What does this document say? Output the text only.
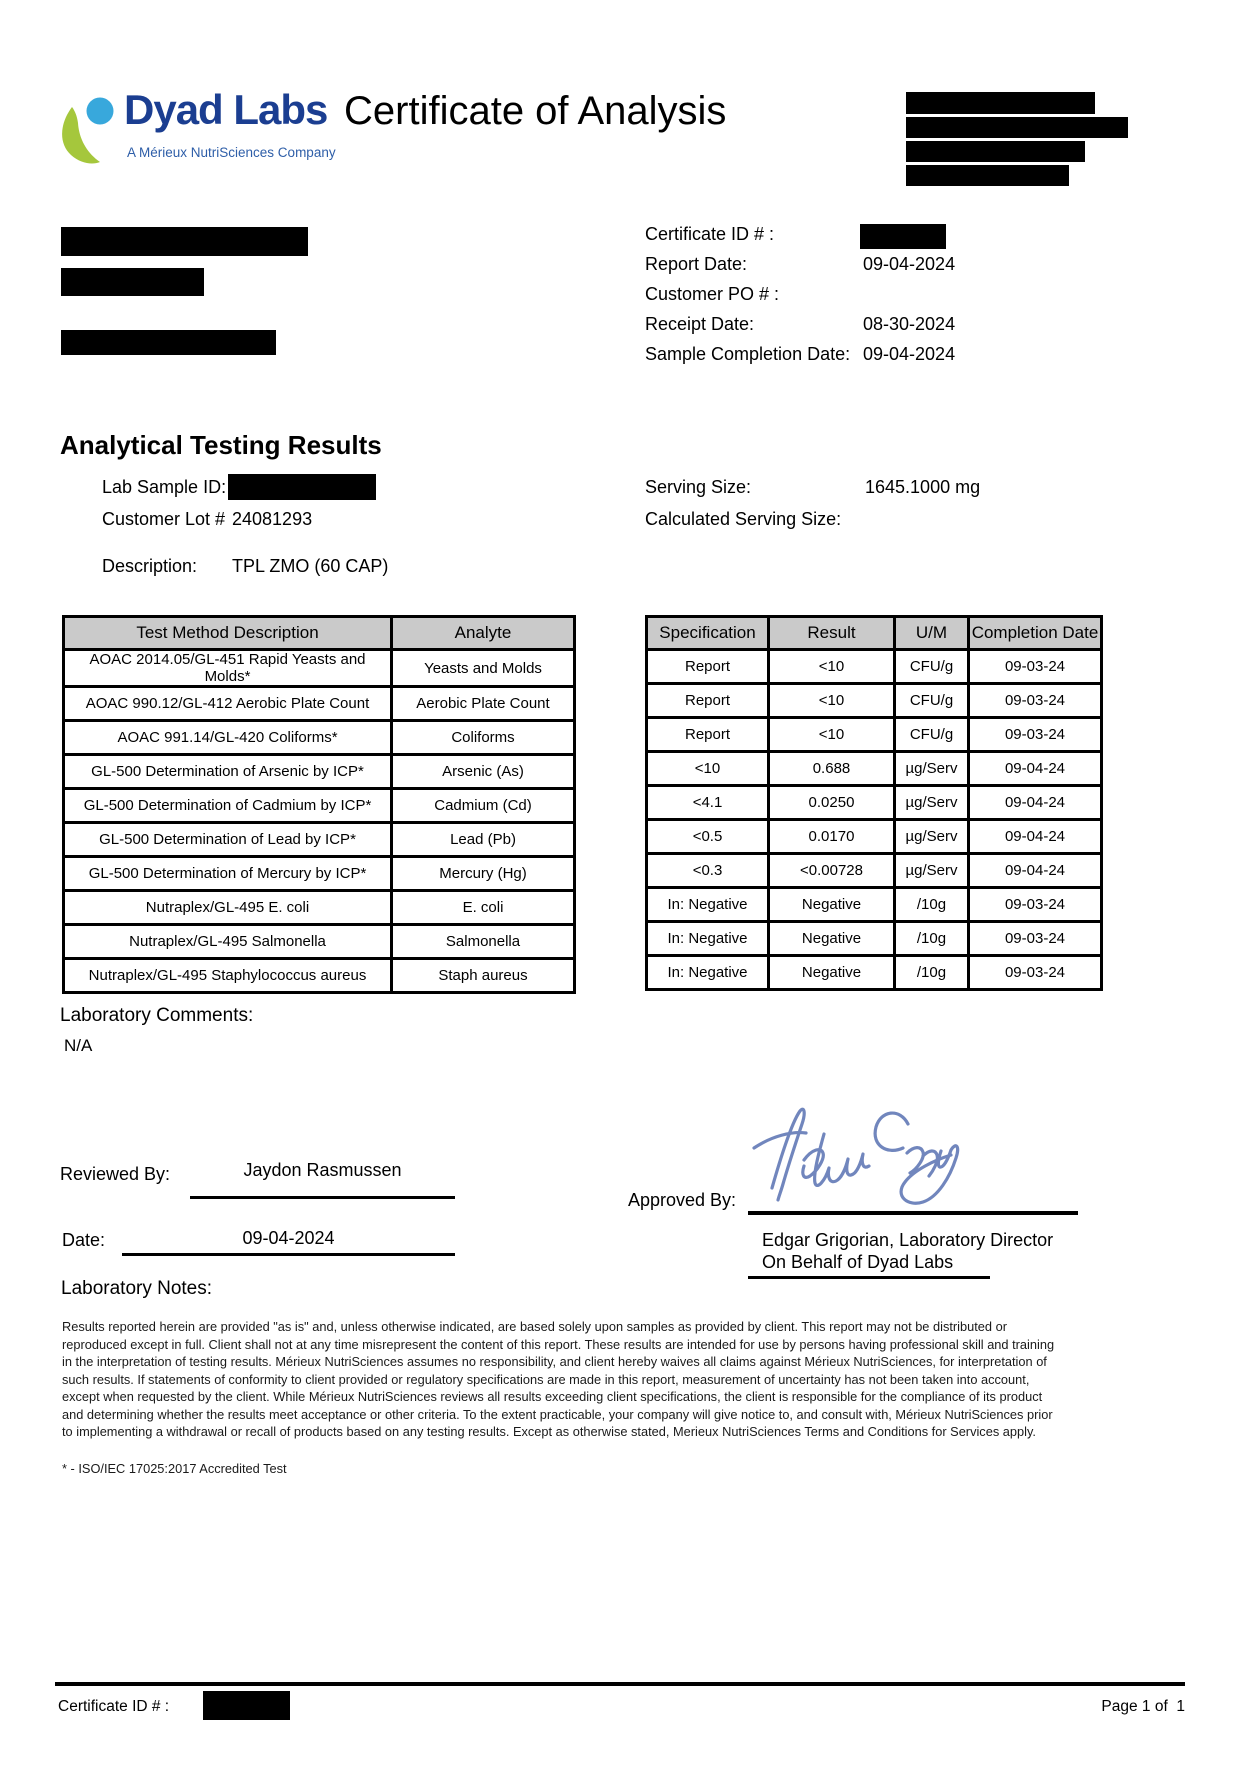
Dyad Labs
A Mérieux NutriSciences Company
Certificate of Analysis
Certificate ID # :
Report Date:	09-04-2024
Customer PO # :
Receipt Date:	08-30-2024
Sample Completion Date: 09-04-2024
Analytical Testing Results
Lab Sample ID:	Serving Size:	1645.1000 mg
Customer Lot # 24081293	Calculated Serving Size:
Description: TPL ZMO (60 CAP)
Test Method Description	Analyte
AOAC 2014.05/GL-451 Rapid Yeasts and Molds*	Yeasts and Molds
AOAC 990.12/GL-412 Aerobic Plate Count	Aerobic Plate Count
AOAC 991.14/GL-420 Coliforms*	Coliforms
GL-500 Determination of Arsenic by ICP*	Arsenic (As)
GL-500 Determination of Cadmium by ICP*	Cadmium (Cd)
GL-500 Determination of Lead by ICP*	Lead (Pb)
GL-500 Determination of Mercury by ICP*	Mercury (Hg)
Nutraplex/GL-495 E. coli	E. coli
Nutraplex/GL-495 Salmonella	Salmonella
Nutraplex/GL-495 Staphylococcus aureus	Staph aureus
Specification	Result	U/M	Completion Date
Report	<10	CFU/g	09-03-24
Report	<10	CFU/g	09-03-24
Report	<10	CFU/g	09-03-24
<10	0.688	µg/Serv	09-04-24
<4.1	0.0250	µg/Serv	09-04-24
<0.5	0.0170	µg/Serv	09-04-24
<0.3	<0.00728	µg/Serv	09-04-24
In: Negative	Negative	/10g	09-03-24
In: Negative	Negative	/10g	09-03-24
In: Negative	Negative	/10g	09-03-24
Laboratory Comments:
N/A
Reviewed By:	Jaydon Rasmussen
Approved By:
Edgar Grigorian, Laboratory Director
On Behalf of Dyad Labs
Date:	09-04-2024
Laboratory Notes:
Results reported herein are provided "as is" and, unless otherwise indicated, are based solely upon samples as provided by client. This report may not be distributed or
reproduced except in full. Client shall not at any time misrepresent the content of this report. These results are intended for use by persons having professional skill and training
in the interpretation of testing results. Mérieux NutriSciences assumes no responsibility, and client hereby waives all claims against Mérieux NutriSciences, for interpretation of
such results. If statements of conformity to client provided or regulatory specifications are made in this report, measurement of uncertainty has not been taken into account,
except when requested by the client. While Mérieux NutriSciences reviews all results exceeding client specifications, the client is responsible for the compliance of its product
and determining whether the results meet acceptance or other criteria. To the extent practicable, your company will give notice to, and consult with, Mérieux NutriSciences prior
to implementing a withdrawal or recall of products based on any testing results. Except as otherwise stated, Merieux NutriSciences Terms and Conditions for Services apply.
* - ISO/IEC 17025:2017 Accredited Test
Certificate ID # :	Page 1 of  1
